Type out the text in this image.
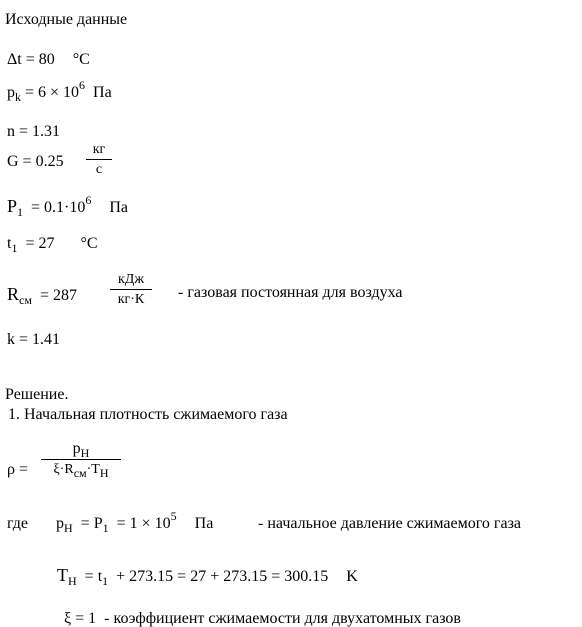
Исходные данные
Δt = 80 °C
$p_k = 6 \times 10^6$ Па
n = 1.31
G = 0.25
кг
с
$P_1 = 0.1\cdot 10^6$ Па
$t_1 = 27$ °C
$R_{см} = 287$
кДж
кг·К	- газовая постоянная для воздуха
k = 1.41
Решение.
1. Начальная плотность сжимаемого газа
ρ =
$p_Н$
ξ·Rсм·TН
где $p_Н = P_1 = 1 \times 10^5$ Па	- начальное давление сжимаемого газа
$T_Н = t_1 + 273.15 = 27 + 273.15 = 300.15$ K
ξ = 1 - коэффициент сжимаемости для двухатомных газов
